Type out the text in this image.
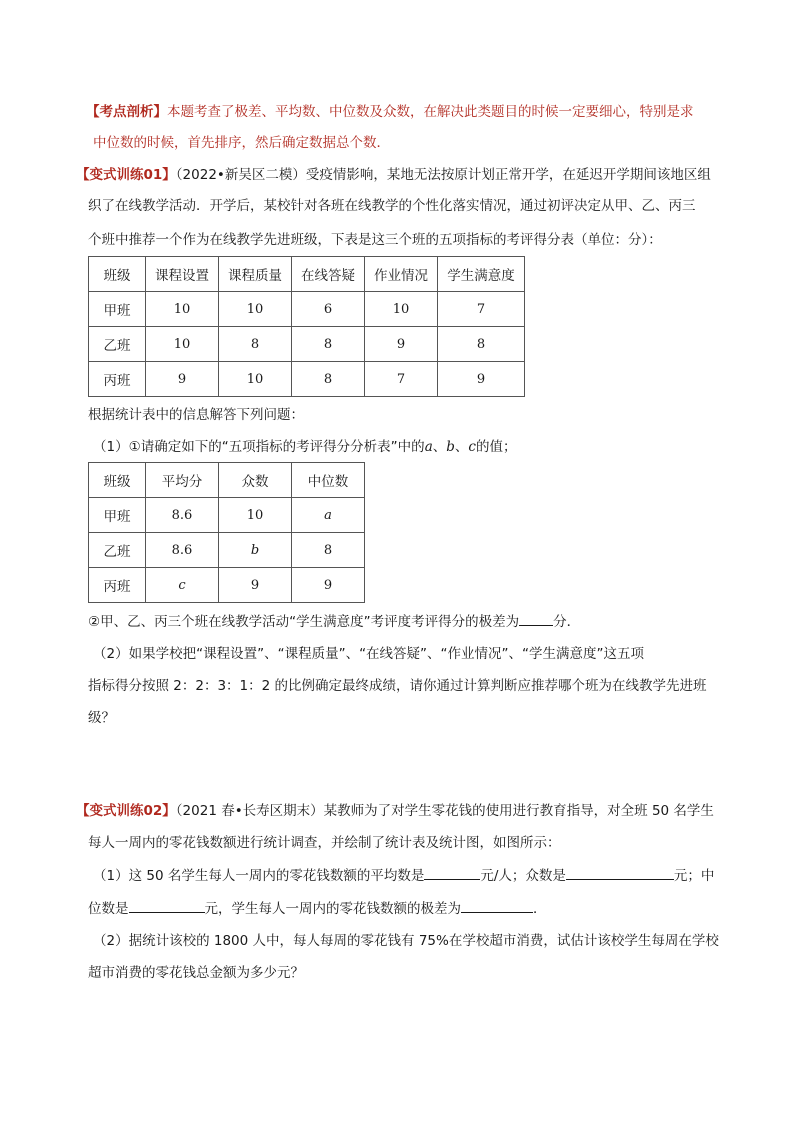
【考点剖析】本题考查了极差、平均数、中位数及众数，在解决此类题目的时候一定要细心，特别是求
中位数的时候，首先排序，然后确定数据总个数．
【变式训练01】（2022•新吴区二模）受疫情影响，某地无法按原计划正常开学，在延迟开学期间该地区组
织了在线教学活动．开学后，某校针对各班在线教学的个性化落实情况，通过初评决定从甲、乙、丙三
个班中推荐一个作为在线教学先进班级，下表是这三个班的五项指标的考评得分表（单位：分）：
班级	课程设置	课程质量	在线答疑	作业情况	学生满意度
甲班	10	10	6	10	7
乙班	10	8	8	9	8
丙班	9	10	8	7	9
根据统计表中的信息解答下列问题：
（1）①请确定如下的“五项指标的考评得分分析表”中的a、b、c的值；
班级	平均分	众数	中位数
甲班	8.6	10	a
乙班	8.6	b	8
丙班	c	9	9
②甲、乙、丙三个班在线教学活动“学生满意度”考评度考评得分的极差为	分．
（2）如果学校把“课程设置”、“课程质量”、“在线答疑”、“作业情况”、“学生满意度”这五项
指标得分按照 2：2：3：1：2 的比例确定最终成绩，请你通过计算判断应推荐哪个班为在线教学先进班
级？
【变式训练02】（2021 春•长寿区期末）某教师为了对学生零花钱的使用进行教育指导，对全班 50 名学生
每人一周内的零花钱数额进行统计调查，并绘制了统计表及统计图，如图所示：
（1）这 50 名学生每人一周内的零花钱数额的平均数是	元/人；众数是	元；中
位数是	元，学生每人一周内的零花钱数额的极差为	．
（2）据统计该校的 1800 人中，每人每周的零花钱有 75%在学校超市消费，试估计该校学生每周在学校
超市消费的零花钱总金额为多少元？
